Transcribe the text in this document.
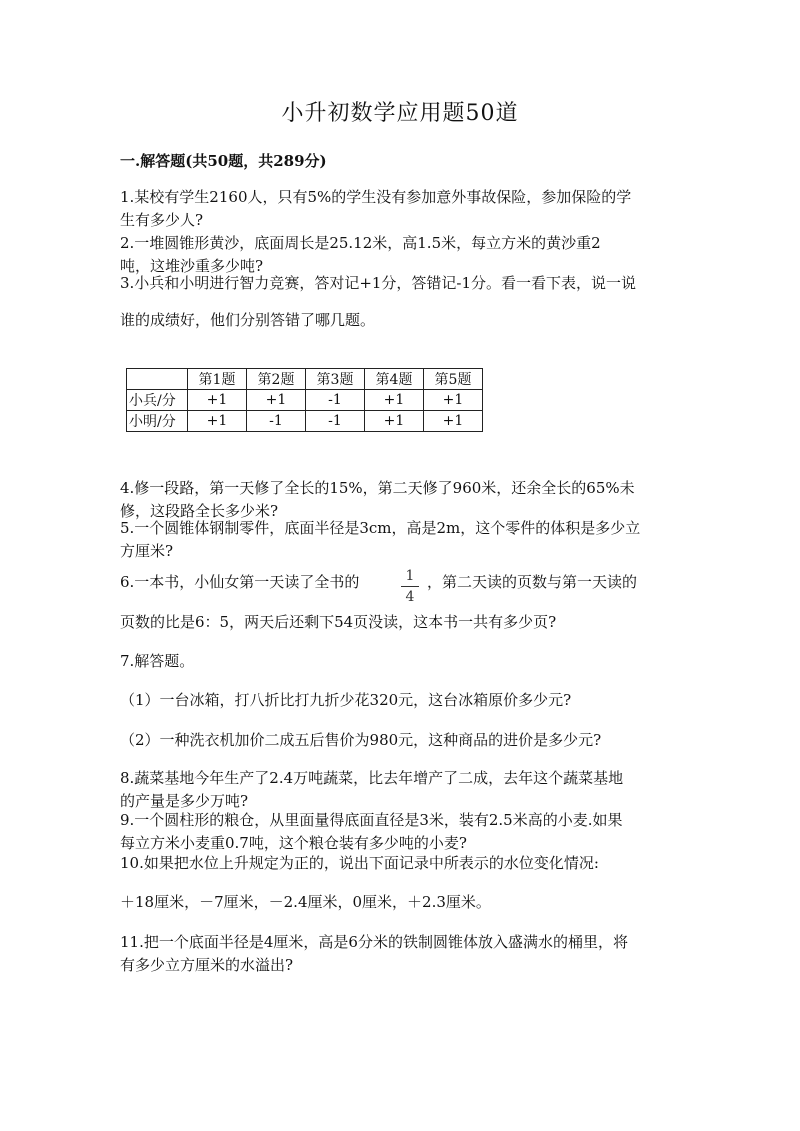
小升初数学应用题50道
一.解答题(共50题，共289分)
1.某校有学生2160人，只有5%的学生没有参加意外事故保险，参加保险的学
生有多少人?
2.一堆圆锥形黄沙，底面周长是25.12米，高1.5米，每立方米的黄沙重2
吨，这堆沙重多少吨?
3.小兵和小明进行智力竞赛，答对记+1分，答错记-1分。看一看下表，说一说
谁的成绩好，他们分别答错了哪几题。
	第1题	第2题	第3题	第4题	第5题
小兵/分	+1	+1	-1	+1	+1
小明/分	+1	-1	-1	+1	+1
4.修一段路，第一天修了全长的15%，第二天修了960米，还余全长的65%未
修，这段路全长多少米?
5.一个圆锥体钢制零件，底面半径是3cm，高是2m，这个零件的体积是多少立
方厘米?
6.一本书，小仙女第一天读了全书的	1
4
，第二天读的页数与第一天读的
页数的比是6：5，两天后还剩下54页没读，这本书一共有多少页?
7.解答题。
（1）一台冰箱，打八折比打九折少花320元，这台冰箱原价多少元?
（2）一种洗衣机加价二成五后售价为980元，这种商品的进价是多少元?
8.蔬菜基地今年生产了2.4万吨蔬菜，比去年增产了二成，去年这个蔬菜基地
的产量是多少万吨?
9.一个圆柱形的粮仓，从里面量得底面直径是3米，装有2.5米高的小麦.如果
每立方米小麦重0.7吨，这个粮仓装有多少吨的小麦?
10.如果把水位上升规定为正的，说出下面记录中所表示的水位变化情况:
＋18厘米，－7厘米，－2.4厘米，0厘米，＋2.3厘米。
11.把一个底面半径是4厘米，高是6分米的铁制圆锥体放入盛满水的桶里，将
有多少立方厘米的水溢出?
